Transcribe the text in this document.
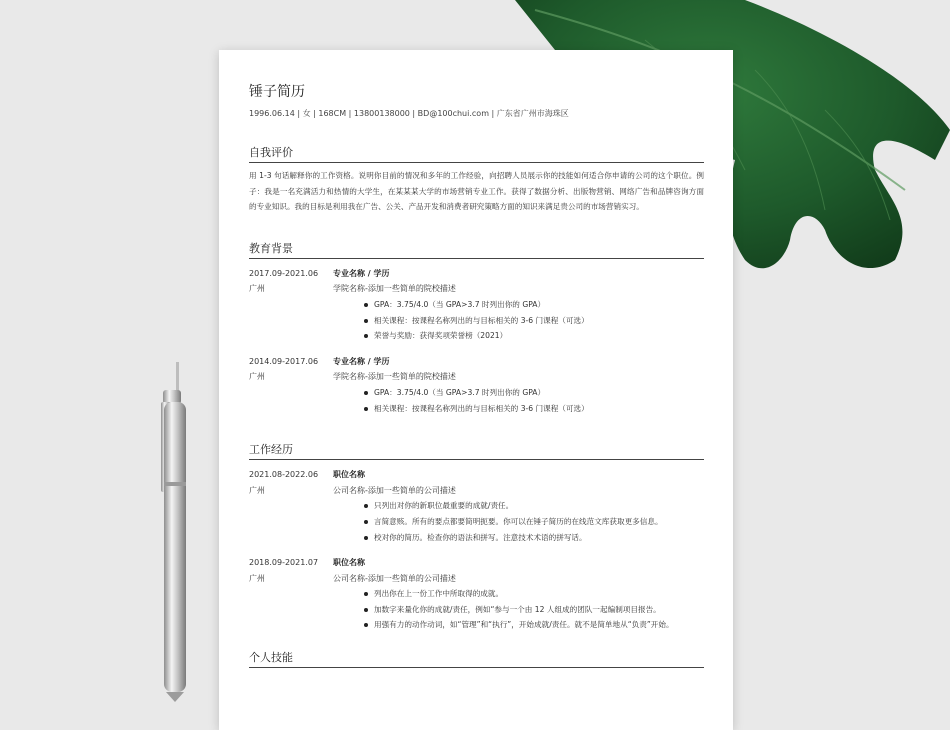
锤子简历
1996.06.14 | 女 | 168CM | 13800138000 | BD@100chui.com | 广东省广州市海珠区
自我评价
用 1-3 句话解释你的工作资格。说明你目前的情况和多年的工作经验，向招聘人员展示你的技能如何适合你申请的公司的这个职位。例子：我是一名充满活力和热情的大学生，在某某某大学的市场营销专业工作。获得了数据分析、出版物营销、网络广告和品牌咨询方面的专业知识。我的目标是利用我在广告、公关、产品开发和消费者研究策略方面的知识来满足贵公司的市场营销实习。
教育背景
2017.09-2021.06
广州
专业名称 / 学历
学院名称-添加一些简单的院校描述
GPA：3.75/4.0（当 GPA>3.7 时列出你的 GPA）
相关课程：按课程名称列出的与目标相关的 3-6 门课程（可选）
荣誉与奖励：获得奖项荣誉榜（2021）
2014.09-2017.06
广州
专业名称 / 学历
学院名称-添加一些简单的院校描述
GPA：3.75/4.0（当 GPA>3.7 时列出你的 GPA）
相关课程：按课程名称列出的与目标相关的 3-6 门课程（可选）
工作经历
2021.08-2022.06
广州
职位名称
公司名称-添加一些简单的公司描述
只列出对你的新职位最重要的成就/责任。
言简意赅。所有的要点都要简明扼要。你可以在锤子简历的在线范文库获取更多信息。
校对你的简历。检查你的语法和拼写。注意技术术语的拼写话。
2018.09-2021.07
广州
职位名称
公司名称-添加一些简单的公司描述
列出你在上一份工作中所取得的成就。
加数字来量化你的成就/责任，例如“参与一个由 12 人组成的团队一起编制项目报告。
用强有力的动作动词，如“管理”和“执行”，开始成就/责任。就不是简单地从“负责”开始。
个人技能
